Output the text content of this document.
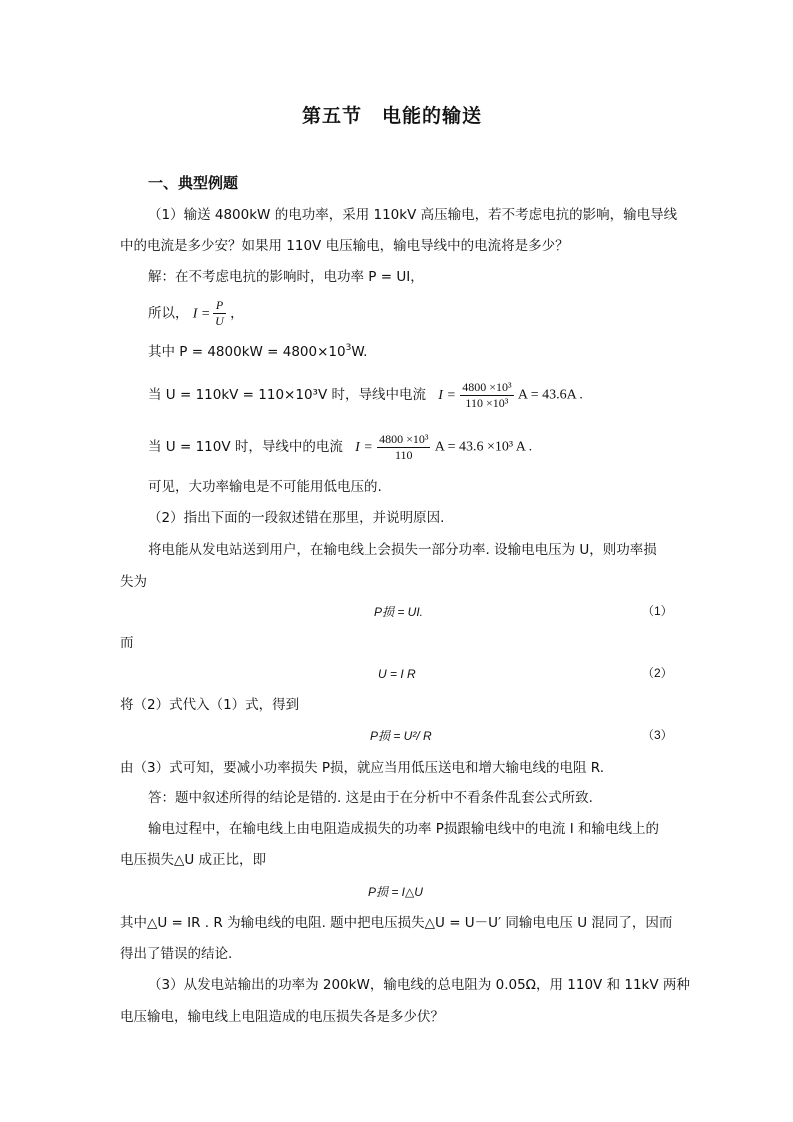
第五节　电能的输送
一、典型例题
（1）输送 4800kW 的电功率，采用 110kV 高压输电，若不考虑电抗的影响，输电导线
中的电流是多少安？如果用 110V 电压输电，输电导线中的电流将是多少？
解：在不考虑电抗的影响时，电功率 P = UI，
所以， $I = \frac{P}{U}$ ，
其中 $P = 4800kW = 4800\times 10^3W$.
当 U = 110kV = 110×10³V 时，导线中电流 $I = \frac{\text{4800 ×10³}}{\text{110 ×10³}}$ A = 43.6A .
当 U = 110V 时，导线中的电流 $I = \frac{\text{4800 ×10³}}{110}$ A = 43.6 ×10³ A .
可见，大功率输电是不可能用低电压的.
（2）指出下面的一段叙述错在那里，并说明原因.
将电能从发电站送到用户，在输电线上会损失一部分功率. 设输电电压为 U，则功率损
失为
P损 = UI.	（1）
而
U = I R	（2）
将（2）式代入（1）式，得到
P损 = U²/ R	（3）
由（3）式可知，要减小功率损失 P损，就应当用低压送电和增大输电线的电阻 R.
答：题中叙述所得的结论是错的. 这是由于在分析中不看条件乱套公式所致.
输电过程中，在输电线上由电阻造成损失的功率 P损跟输电线中的电流 I 和输电线上的
电压损失△U 成正比，即
P损 = I△U
其中△U = IR . R 为输电线的电阻. 题中把电压损失△U = U－U′ 同输电电压 U 混同了，因而
得出了错误的结论.
（3）从发电站输出的功率为 200kW，输电线的总电阻为 0.05Ω，用 110V 和 11kV 两种
电压输电，输电线上电阻造成的电压损失各是多少伏？
